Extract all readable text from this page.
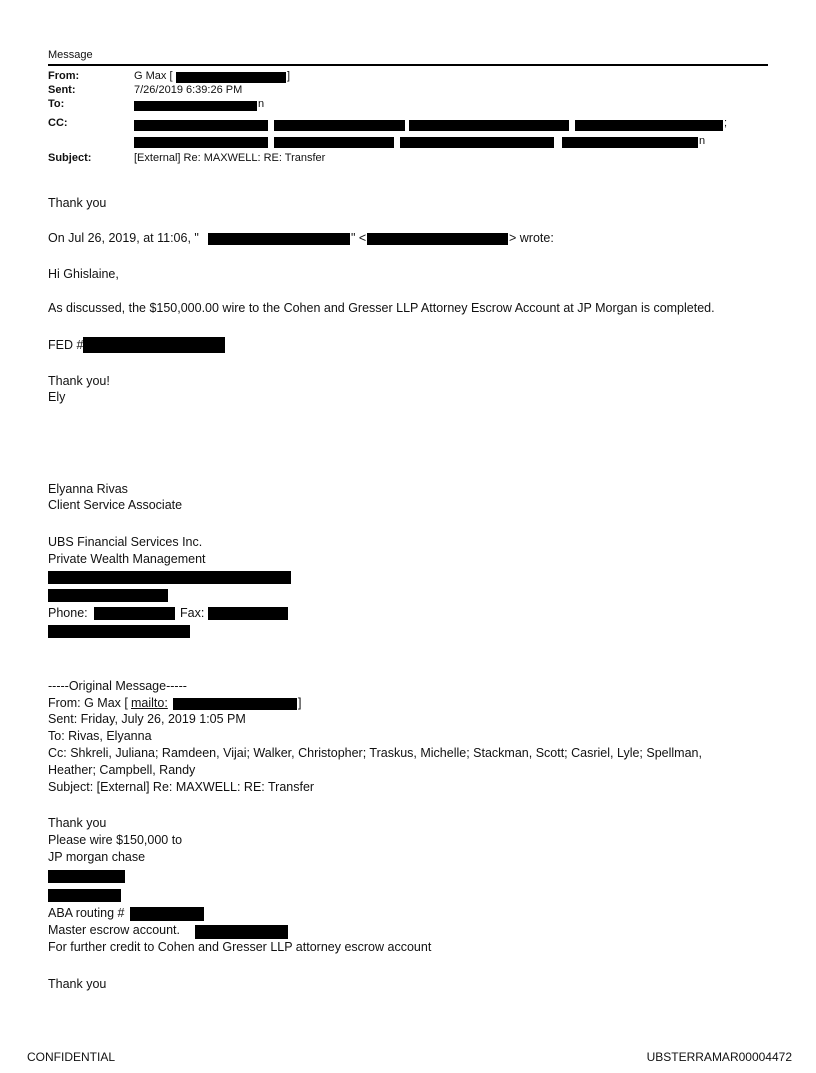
Message
From:	G Max [	]
Sent:	7/26/2019 6:39:26 PM
To:	n
CC:	;
n
Subject:	[External] Re: MAXWELL: RE: Transfer
Thank you
On Jul 26, 2019, at 11:06, "	" <	> wrote:
Hi Ghislaine,
As discussed, the $150,000.00 wire to the Cohen and Gresser LLP Attorney Escrow Account at JP Morgan is completed.
FED #
Thank you!
Ely
Elyanna Rivas
Client Service Associate
UBS Financial Services Inc.
Private Wealth Management
Phone:	Fax:
-----Original Message-----
From: G Max [ mailto:	]
Sent: Friday, July 26, 2019 1:05 PM
To: Rivas, Elyanna
Cc: Shkreli, Juliana; Ramdeen, Vijai; Walker, Christopher; Traskus, Michelle; Stackman, Scott; Casriel, Lyle; Spellman,
Heather; Campbell, Randy
Subject: [External] Re: MAXWELL: RE: Transfer
Thank you
Please wire $150,000 to
JP morgan chase
ABA routing #
Master escrow account.
For further credit to Cohen and Gresser LLP attorney escrow account
Thank you
CONFIDENTIAL	UBSTERRAMAR00004472
